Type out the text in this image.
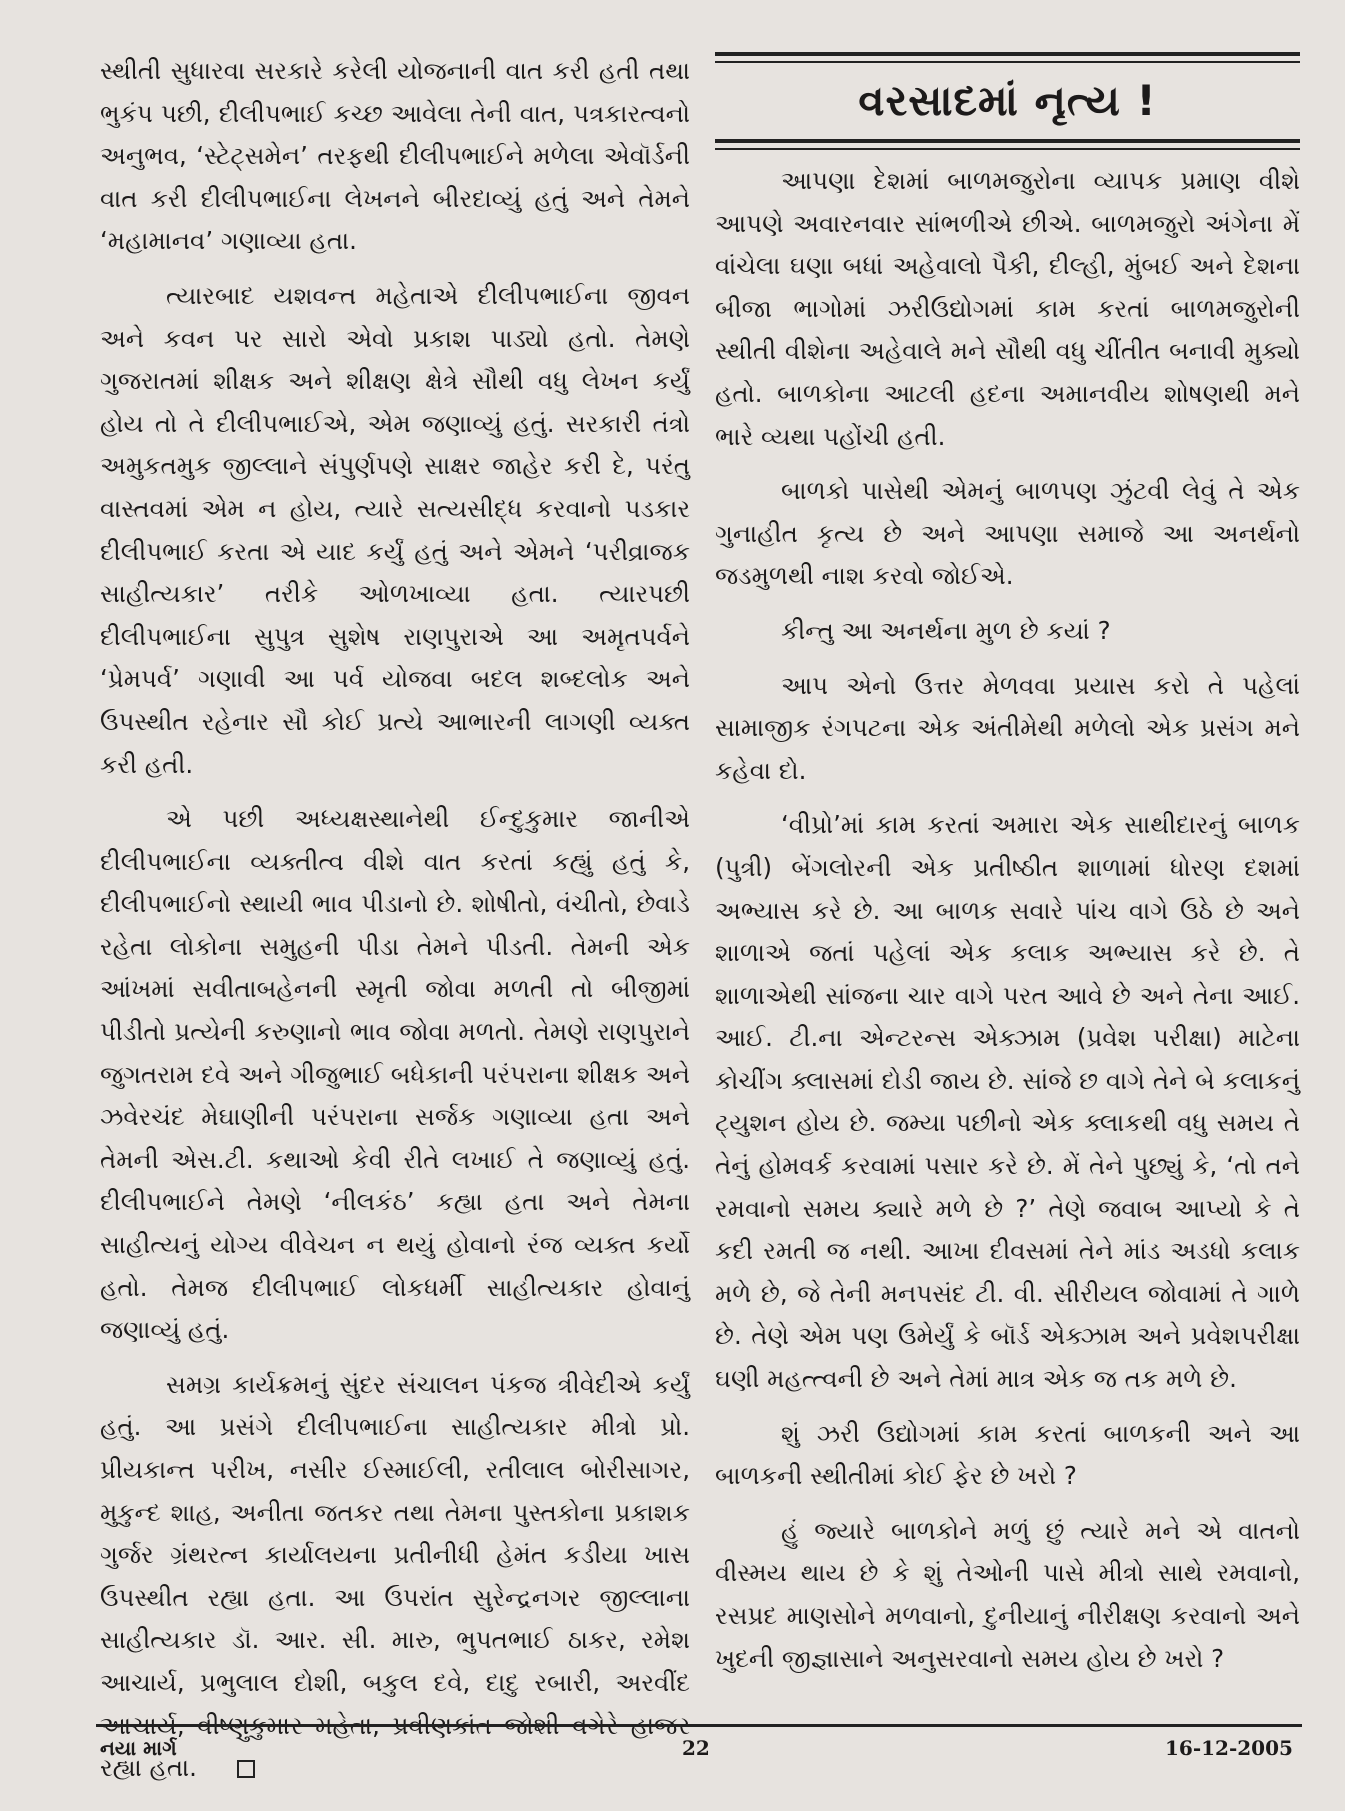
સ્થીતી સુધારવા સરકારે કરેલી યોજનાની વાત કરી હતી તથા ભુકંપ પછી, દીલીપભાઈ કચ્છ આવેલા તેની વાત, પત્રકારત્વનો અનુભવ, ‘સ્ટેટ્સમેન’ તરફથી દીલીપભાઈને મળેલા એવૉર્ડની વાત કરી દીલીપભાઈના લેખનને બીરદાવ્યું હતું અને તેમને ‘મહામાનવ’ ગણાવ્યા હતા.

ત્યારબાદ યશવન્ત મહેતાએ દીલીપભાઈના જીવન અને કવન પર સારો એવો પ્રકાશ પાડ્યો હતો. તેમણે ગુજરાતમાં શીક્ષક અને શીક્ષણ ક્ષેત્રે સૌથી વધુ લેખન કર્યું હોય તો તે દીલીપભાઈએ, એમ જણાવ્યું હતું. સરકારી તંત્રો અમુકતમુક જીલ્લાને સંપુર્ણપણે સાક્ષર જાહેર કરી દે, પરંતુ વાસ્તવમાં એમ ન હોય, ત્યારે સત્યસીદ્ધ કરવાનો પડકાર દીલીપભાઈ કરતા એ યાદ કર્યું હતું અને એમને ‘પરીવ્રાજક સાહીત્યકાર’ તરીકે ઓળખાવ્યા હતા. ત્યારપછી દીલીપભાઈના સુપુત્ર સુશેષ રાણપુરાએ આ અમૃતપર્વને ‘પ્રેમપર્વ’ ગણાવી આ પર્વ યોજવા બદલ શબ્દલોક અને ઉપસ્થીત રહેનાર સૌ કોઈ પ્રત્યે આભારની લાગણી વ્યક્ત કરી હતી.

એ પછી અધ્યક્ષસ્થાનેથી ઈન્દુકુમાર જાનીએ દીલીપભાઈના વ્યક્તીત્વ વીશે વાત કરતાં કહ્યું હતું કે, દીલીપભાઈનો સ્થાયી ભાવ પીડાનો છે. શોષીતો, વંચીતો, છેવાડે રહેતા લોકોના સમુહની પીડા તેમને પીડતી. તેમની એક આંખમાં સવીતાબહેનની સ્મૃતી જોવા મળતી તો બીજીમાં પીડીતો પ્રત્યેની કરુણાનો ભાવ જોવા મળતો. તેમણે રાણપુરાને જુગતરામ દવે અને ગીજુભાઈ બધેકાની પરંપરાના શીક્ષક અને ઝવેરચંદ મેઘાણીની પરંપરાના સર્જક ગણાવ્યા હતા અને તેમની એસ.ટી. કથાઓ કેવી રીતે લખાઈ તે જણાવ્યું હતું. દીલીપભાઈને તેમણે ‘નીલકંઠ’ કહ્યા હતા અને તેમના સાહીત્યનું યોગ્ય વીવેચન ન થયું હોવાનો રંજ વ્યક્ત કર્યો હતો. તેમજ દીલીપભાઈ લોકધર્મી સાહીત્યકાર હોવાનું જણાવ્યું હતું.

સમગ્ર કાર્યક્રમનું સુંદર સંચાલન પંકજ ત્રીવેદીએ કર્યું હતું. આ પ્રસંગે દીલીપભાઈના સાહીત્યકાર મીત્રો પ્રો. પ્રીયકાન્ત પરીખ, નસીર ઈસ્માઈલી, રતીલાલ બોરીસાગર, મુકુન્દ શાહ, અનીતા જતકર તથા તેમના પુસ્તકોના પ્રકાશક ગુર્જર ગ્રંથરત્ન કાર્યાલયના પ્રતીનીધી હેમંત કડીયા ખાસ ઉપસ્થીત રહ્યા હતા. આ ઉપરાંત સુરેન્દ્રનગર જીલ્લાના સાહીત્યકાર ડૉ. આર. સી. મારુ, ભુપતભાઈ ઠાકર, રમેશ આચાર્ય, પ્રભુલાલ દોશી, બકુલ દવે, દાદુ રબારી, અરવીંદ આચાર્ય, વીષ્ણુકુમાર મહેતા, પ્રવીણકાંત જોશી વગેરે હાજર રહ્યા હતા.

વરસાદમાં નૃત્ય !

આપણા દેશમાં બાળમજુરોના વ્યાપક પ્રમાણ વીશે આપણે અવારનવાર સાંભળીએ છીએ. બાળમજુરો અંગેના મેં વાંચેલા ઘણા બધાં અહેવાલો પૈકી, દીલ્હી, મુંબઈ અને દેશના બીજા ભાગોમાં ઝરીઉદ્યોગમાં કામ કરતાં બાળમજુરોની સ્થીતી વીશેના અહેવાલે મને સૌથી વધુ ચીંતીત બનાવી મુક્યો હતો. બાળકોના આટલી હદના અમાનવીય શોષણથી મને ભારે વ્યથા પહોંચી હતી.

બાળકો પાસેથી એમનું બાળપણ ઝુંટવી લેવું તે એક ગુનાહીત કૃત્ય છે અને આપણા સમાજે આ અનર્થનો જડમુળથી નાશ કરવો જોઈએ.

કીન્તુ આ અનર્થના મુળ છે કયાં ?

આપ એનો ઉત્તર મેળવવા પ્રયાસ કરો તે પહેલાં સામાજીક રંગપટના એક અંતીમેથી મળેલો એક પ્રસંગ મને કહેવા દો.

‘વીપ્રો’માં કામ કરતાં અમારા એક સાથીદારનું બાળક (પુત્રી) બેંગલોરની એક પ્રતીષ્ઠીત શાળામાં ધોરણ દશમાં અભ્યાસ કરે છે. આ બાળક સવારે પાંચ વાગે ઉઠે છે અને શાળાએ જતાં પહેલાં એક કલાક અભ્યાસ કરે છે. તે શાળાએથી સાંજના ચાર વાગે પરત આવે છે અને તેના આઈ. આઈ. ટી.ના એન્ટરન્સ એક્ઝામ (પ્રવેશ પરીક્ષા) માટેના કોચીંગ ક્લાસમાં દોડી જાય છે. સાંજે છ વાગે તેને બે કલાકનું ટ્યુશન હોય છે. જમ્યા પછીનો એક ક્લાકથી વધુ સમય તે તેનું હોમવર્ક કરવામાં પસાર કરે છે. મેં તેને પુછ્યું કે, ‘તો તને રમવાનો સમય ક્યારે મળે છે ?’ તેણે જવાબ આપ્યો કે તે કદી રમતી જ નથી. આખા દીવસમાં તેને માંડ અડધો કલાક મળે છે, જે તેની મનપસંદ ટી. વી. સીરીયલ જોવામાં તે ગાળે છે. તેણે એમ પણ ઉમેર્યું કે બૉર્ડ એક્ઝામ અને પ્રવેશપરીક્ષા ઘણી મહત્ત્વની છે અને તેમાં માત્ર એક જ તક મળે છે.

શું ઝરી ઉદ્યોગમાં કામ કરતાં બાળકની અને આ બાળકની સ્થીતીમાં કોઈ ફેર છે ખરો ?

હું જ્યારે બાળકોને મળું છું ત્યારે મને એ વાતનો વીસ્મય થાય છે કે શું તેઓની પાસે મીત્રો સાથે રમવાનો, રસપ્રદ માણસોને મળવાનો, દુનીયાનું નીરીક્ષણ કરવાનો અને ખુદની જીજ્ઞાસાને અનુસરવાનો સમય હોય છે ખરો ?

નયા માર્ગ	22	16-12-2005
